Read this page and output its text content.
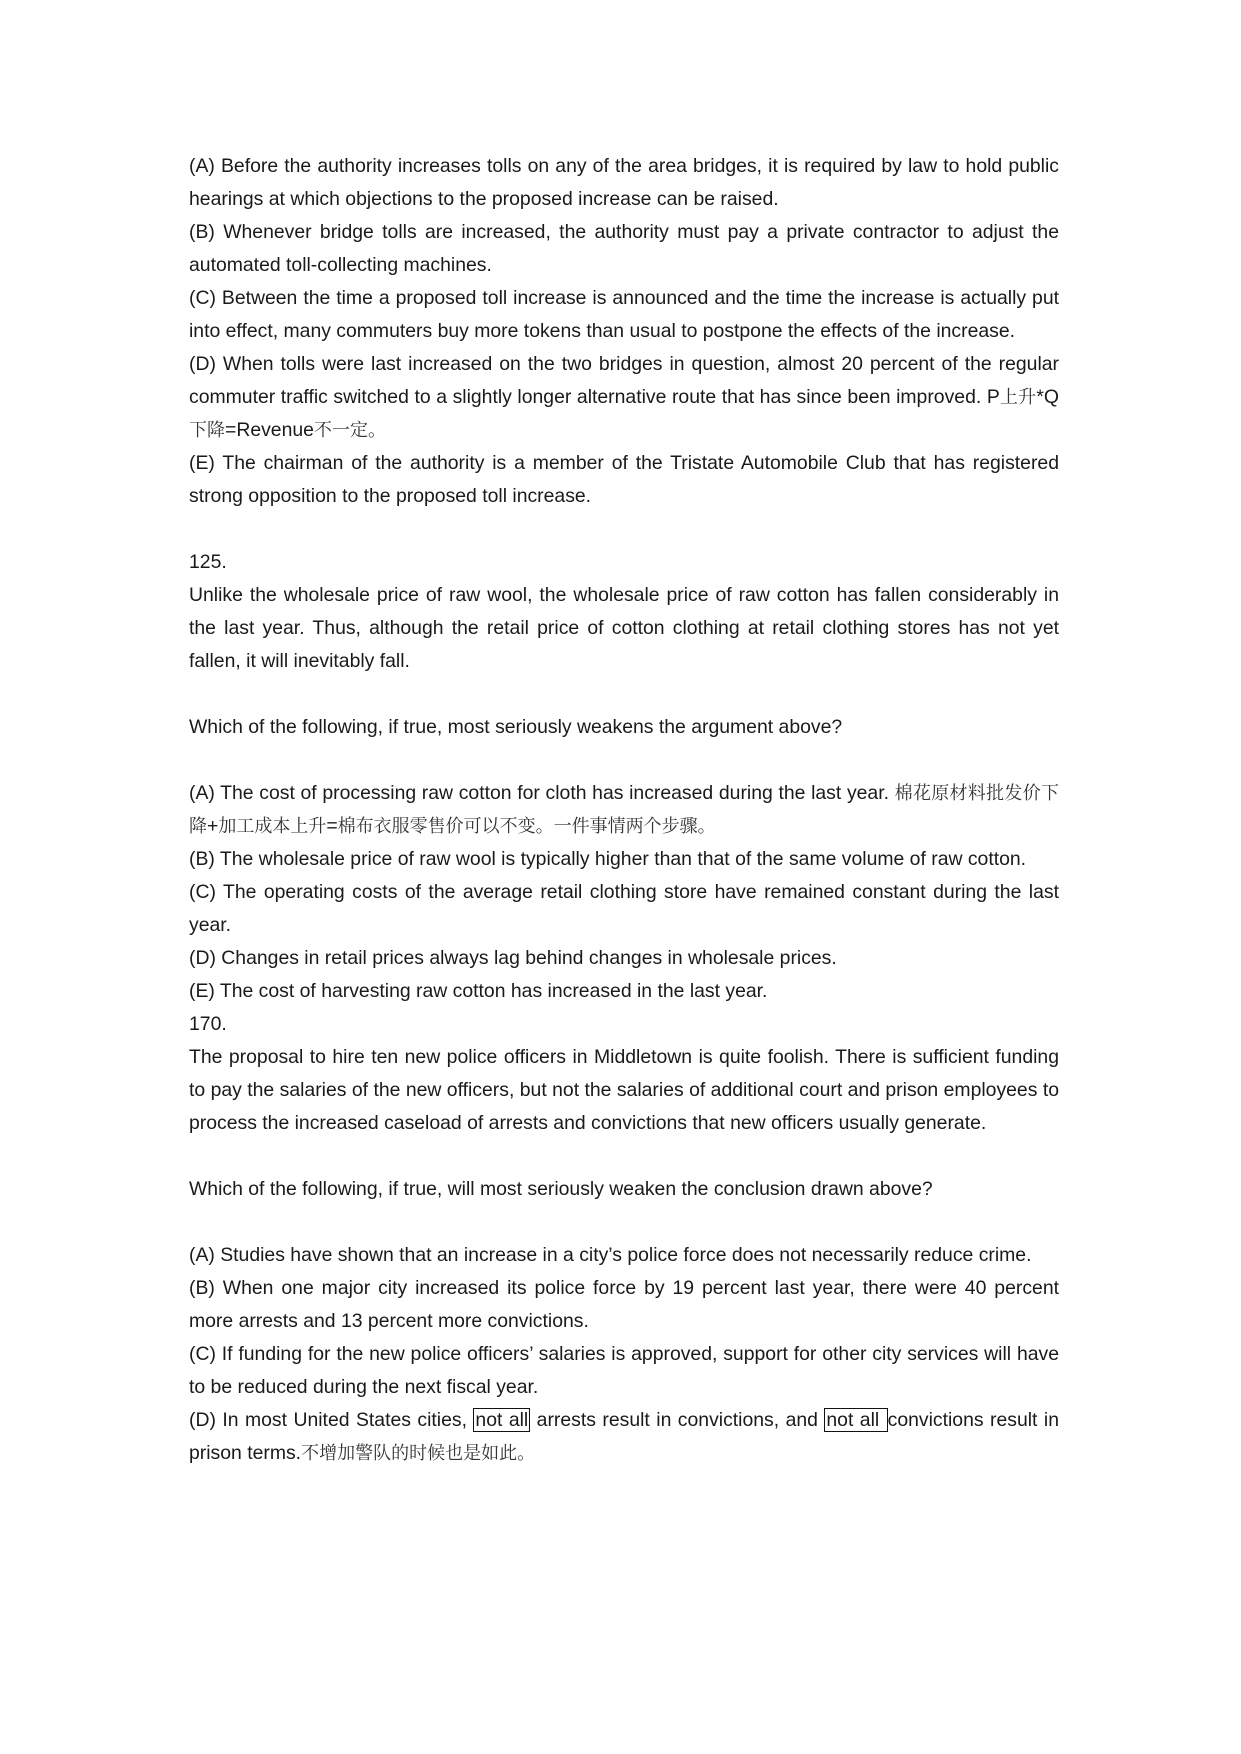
(A) Before the authority increases tolls on any of the area bridges, it is required by law to hold public hearings at which objections to the proposed increase can be raised.

(B) Whenever bridge tolls are increased, the authority must pay a private contractor to adjust the automated toll-collecting machines.

(C) Between the time a proposed toll increase is announced and the time the increase is actually put into effect, many commuters buy more tokens than usual to postpone the effects of the increase.

(D) When tolls were last increased on the two bridges in question, almost 20 percent of the regular commuter traffic switched to a slightly longer alternative route that has since been improved. P上升*Q下降=Revenue不一定。

(E) The chairman of the authority is a member of the Tristate Automobile Club that has registered strong opposition to the proposed toll increase.

125.

Unlike the wholesale price of raw wool, the wholesale price of raw cotton has fallen considerably in the last year. Thus, although the retail price of cotton clothing at retail clothing stores has not yet fallen, it will inevitably fall.

Which of the following, if true, most seriously weakens the argument above?

(A) The cost of processing raw cotton for cloth has increased during the last year. 棉花原材料批发价下降+加工成本上升=棉布衣服零售价可以不变。一件事情两个步骤。

(B) The wholesale price of raw wool is typically higher than that of the same volume of raw cotton.

(C) The operating costs of the average retail clothing store have remained constant during the last year.

(D) Changes in retail prices always lag behind changes in wholesale prices.

(E) The cost of harvesting raw cotton has increased in the last year.

170.

The proposal to hire ten new police officers in Middletown is quite foolish. There is sufficient funding to pay the salaries of the new officers, but not the salaries of additional court and prison employees to process the increased caseload of arrests and convictions that new officers usually generate.

Which of the following, if true, will most seriously weaken the conclusion drawn above?

(A) Studies have shown that an increase in a city’s police force does not necessarily reduce crime.

(B) When one major city increased its police force by 19 percent last year, there were 40 percent more arrests and 13 percent more convictions.

(C) If funding for the new police officers’ salaries is approved, support for other city services will have to be reduced during the next fiscal year.

(D) In most United States cities, not all arrests result in convictions, and not all convictions result in prison terms.不增加警队的时候也是如此。
